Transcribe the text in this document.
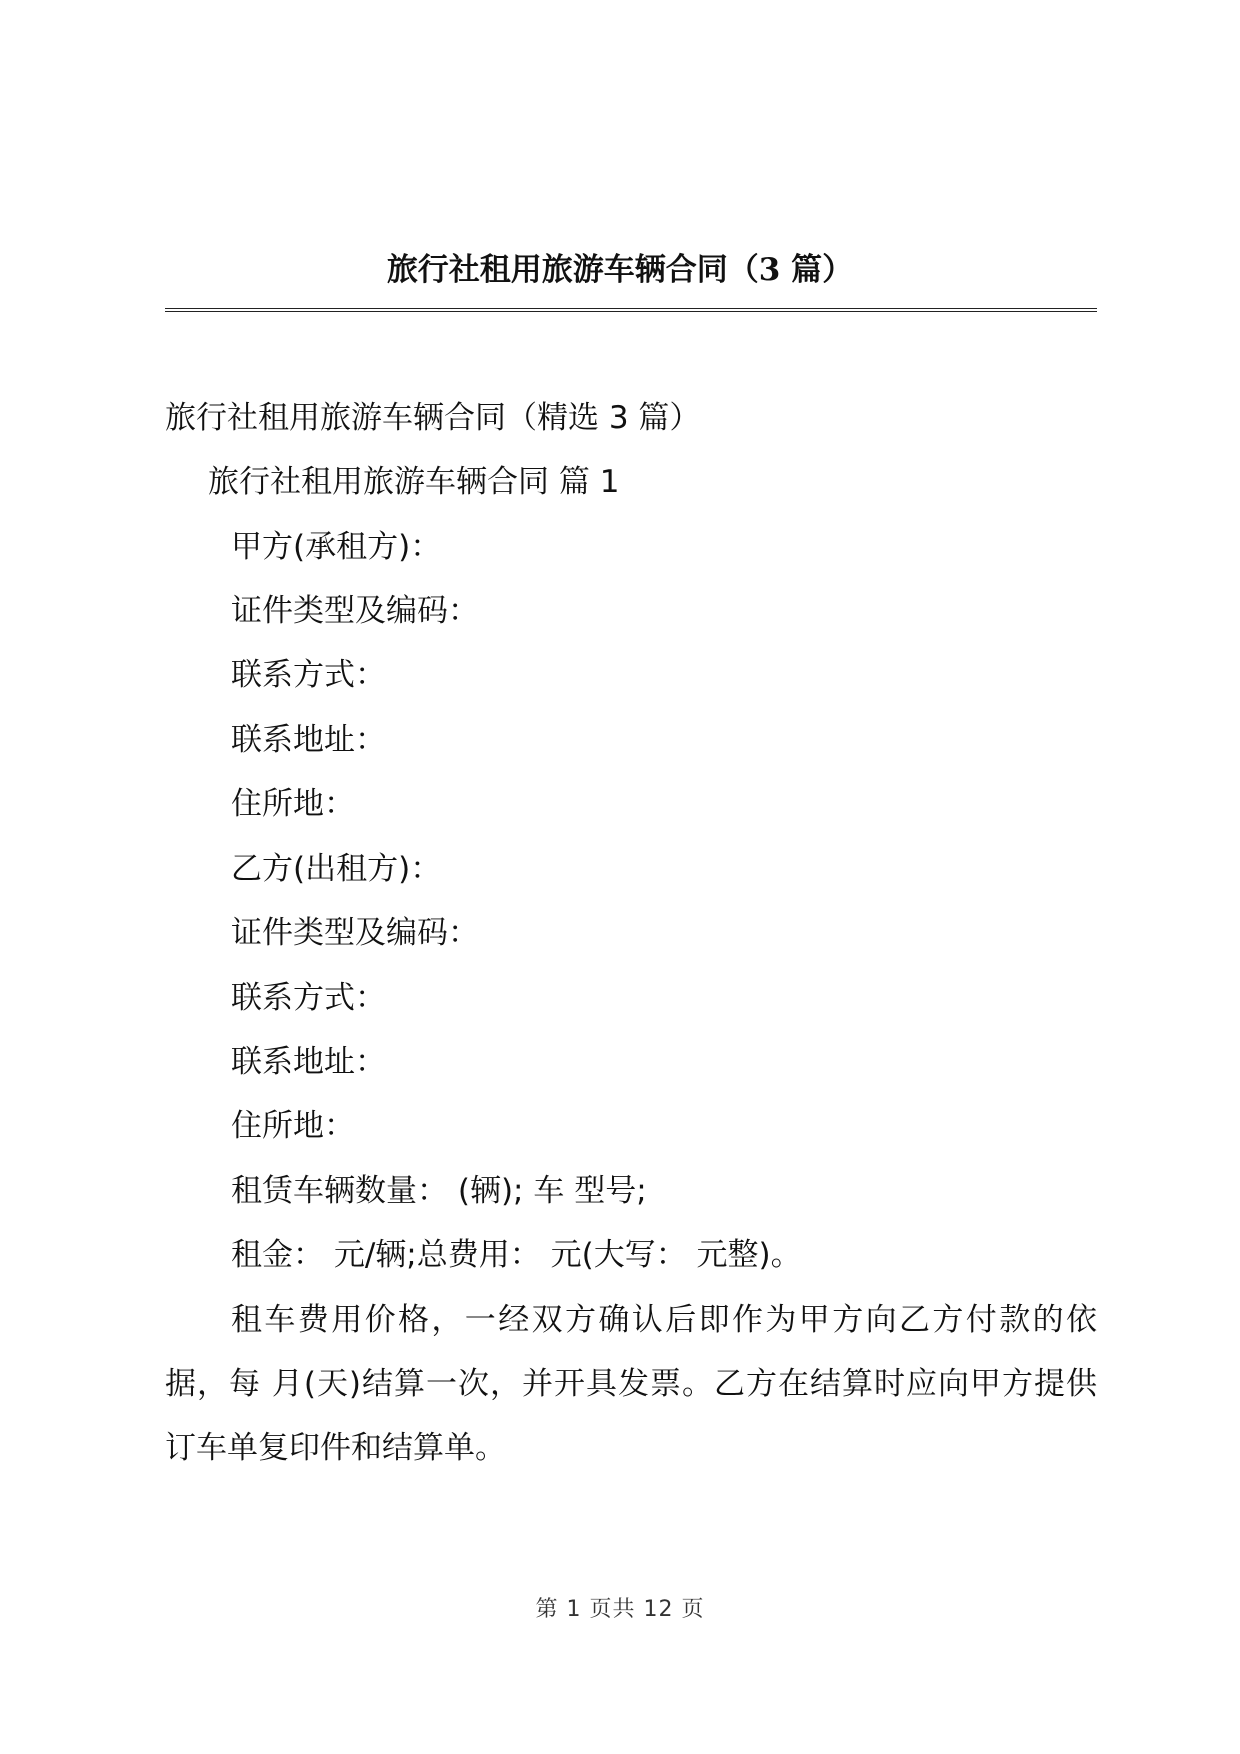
旅行社租用旅游车辆合同（3 篇）
旅行社租用旅游车辆合同（精选 3 篇）
旅行社租用旅游车辆合同 篇 1
甲方(承租方)：
证件类型及编码：
联系方式：
联系地址：
住所地：
乙方(出租方)：
证件类型及编码：
联系方式：
联系地址：
住所地：
租赁车辆数量： (辆); 车 型号;
租金： 元/辆;总费用： 元(大写： 元整)。
租车费用价格，一经双方确认后即作为甲方向乙方付款的依据，每 月(天)结算一次，并开具发票。乙方在结算时应向甲方提供订车单复印件和结算单。
第 1 页共 12 页
